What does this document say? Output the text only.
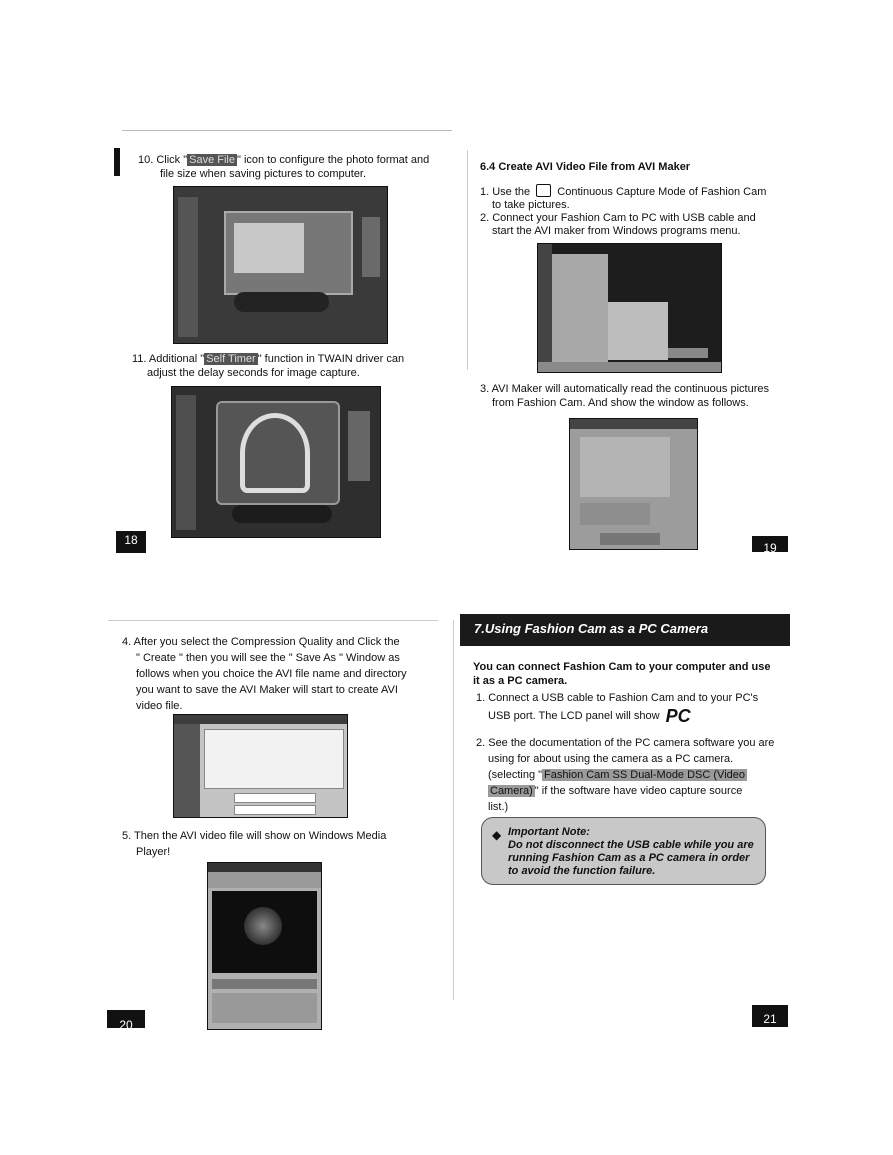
10. Click " Save File " icon to configure the photo format and
file size when saving pictures to computer.
11. Additional " Self Timer " function in TWAIN driver can
adjust the delay seconds for image capture.
18
6.4 Create AVI Video File from AVI Maker
1. Use the Continuous Capture Mode of Fashion Cam
to take pictures.
2. Connect your Fashion Cam to PC with USB cable and
start the AVI maker from Windows programs menu.
3. AVI Maker will automatically read the continuous pictures
from Fashion Cam. And show the window as follows.
19
4. After you select the Compression Quality and Click the
" Create " then you will see the " Save As " Window as
follows when you choice the AVI file name and directory
you want to save the AVI Maker will start to create AVI
video file.
5. Then the AVI video file will show on Windows Media
Player!
20
7.Using Fashion Cam as a PC Camera
You can connect Fashion Cam to your computer and use
it as a PC camera.
1. Connect a USB cable to Fashion Cam and to your PC's
USB port. The LCD panel will show PC
2. See the documentation of the PC camera software you are
using for about using the camera as a PC camera.
(selecting " Fashion Cam SS Dual-Mode DSC (Video
Camera) " if the software have video capture source
list.)
◆ Important Note:
Do not disconnect the USB cable while you are
running Fashion Cam as a PC camera in order
to avoid the function failure.
21
